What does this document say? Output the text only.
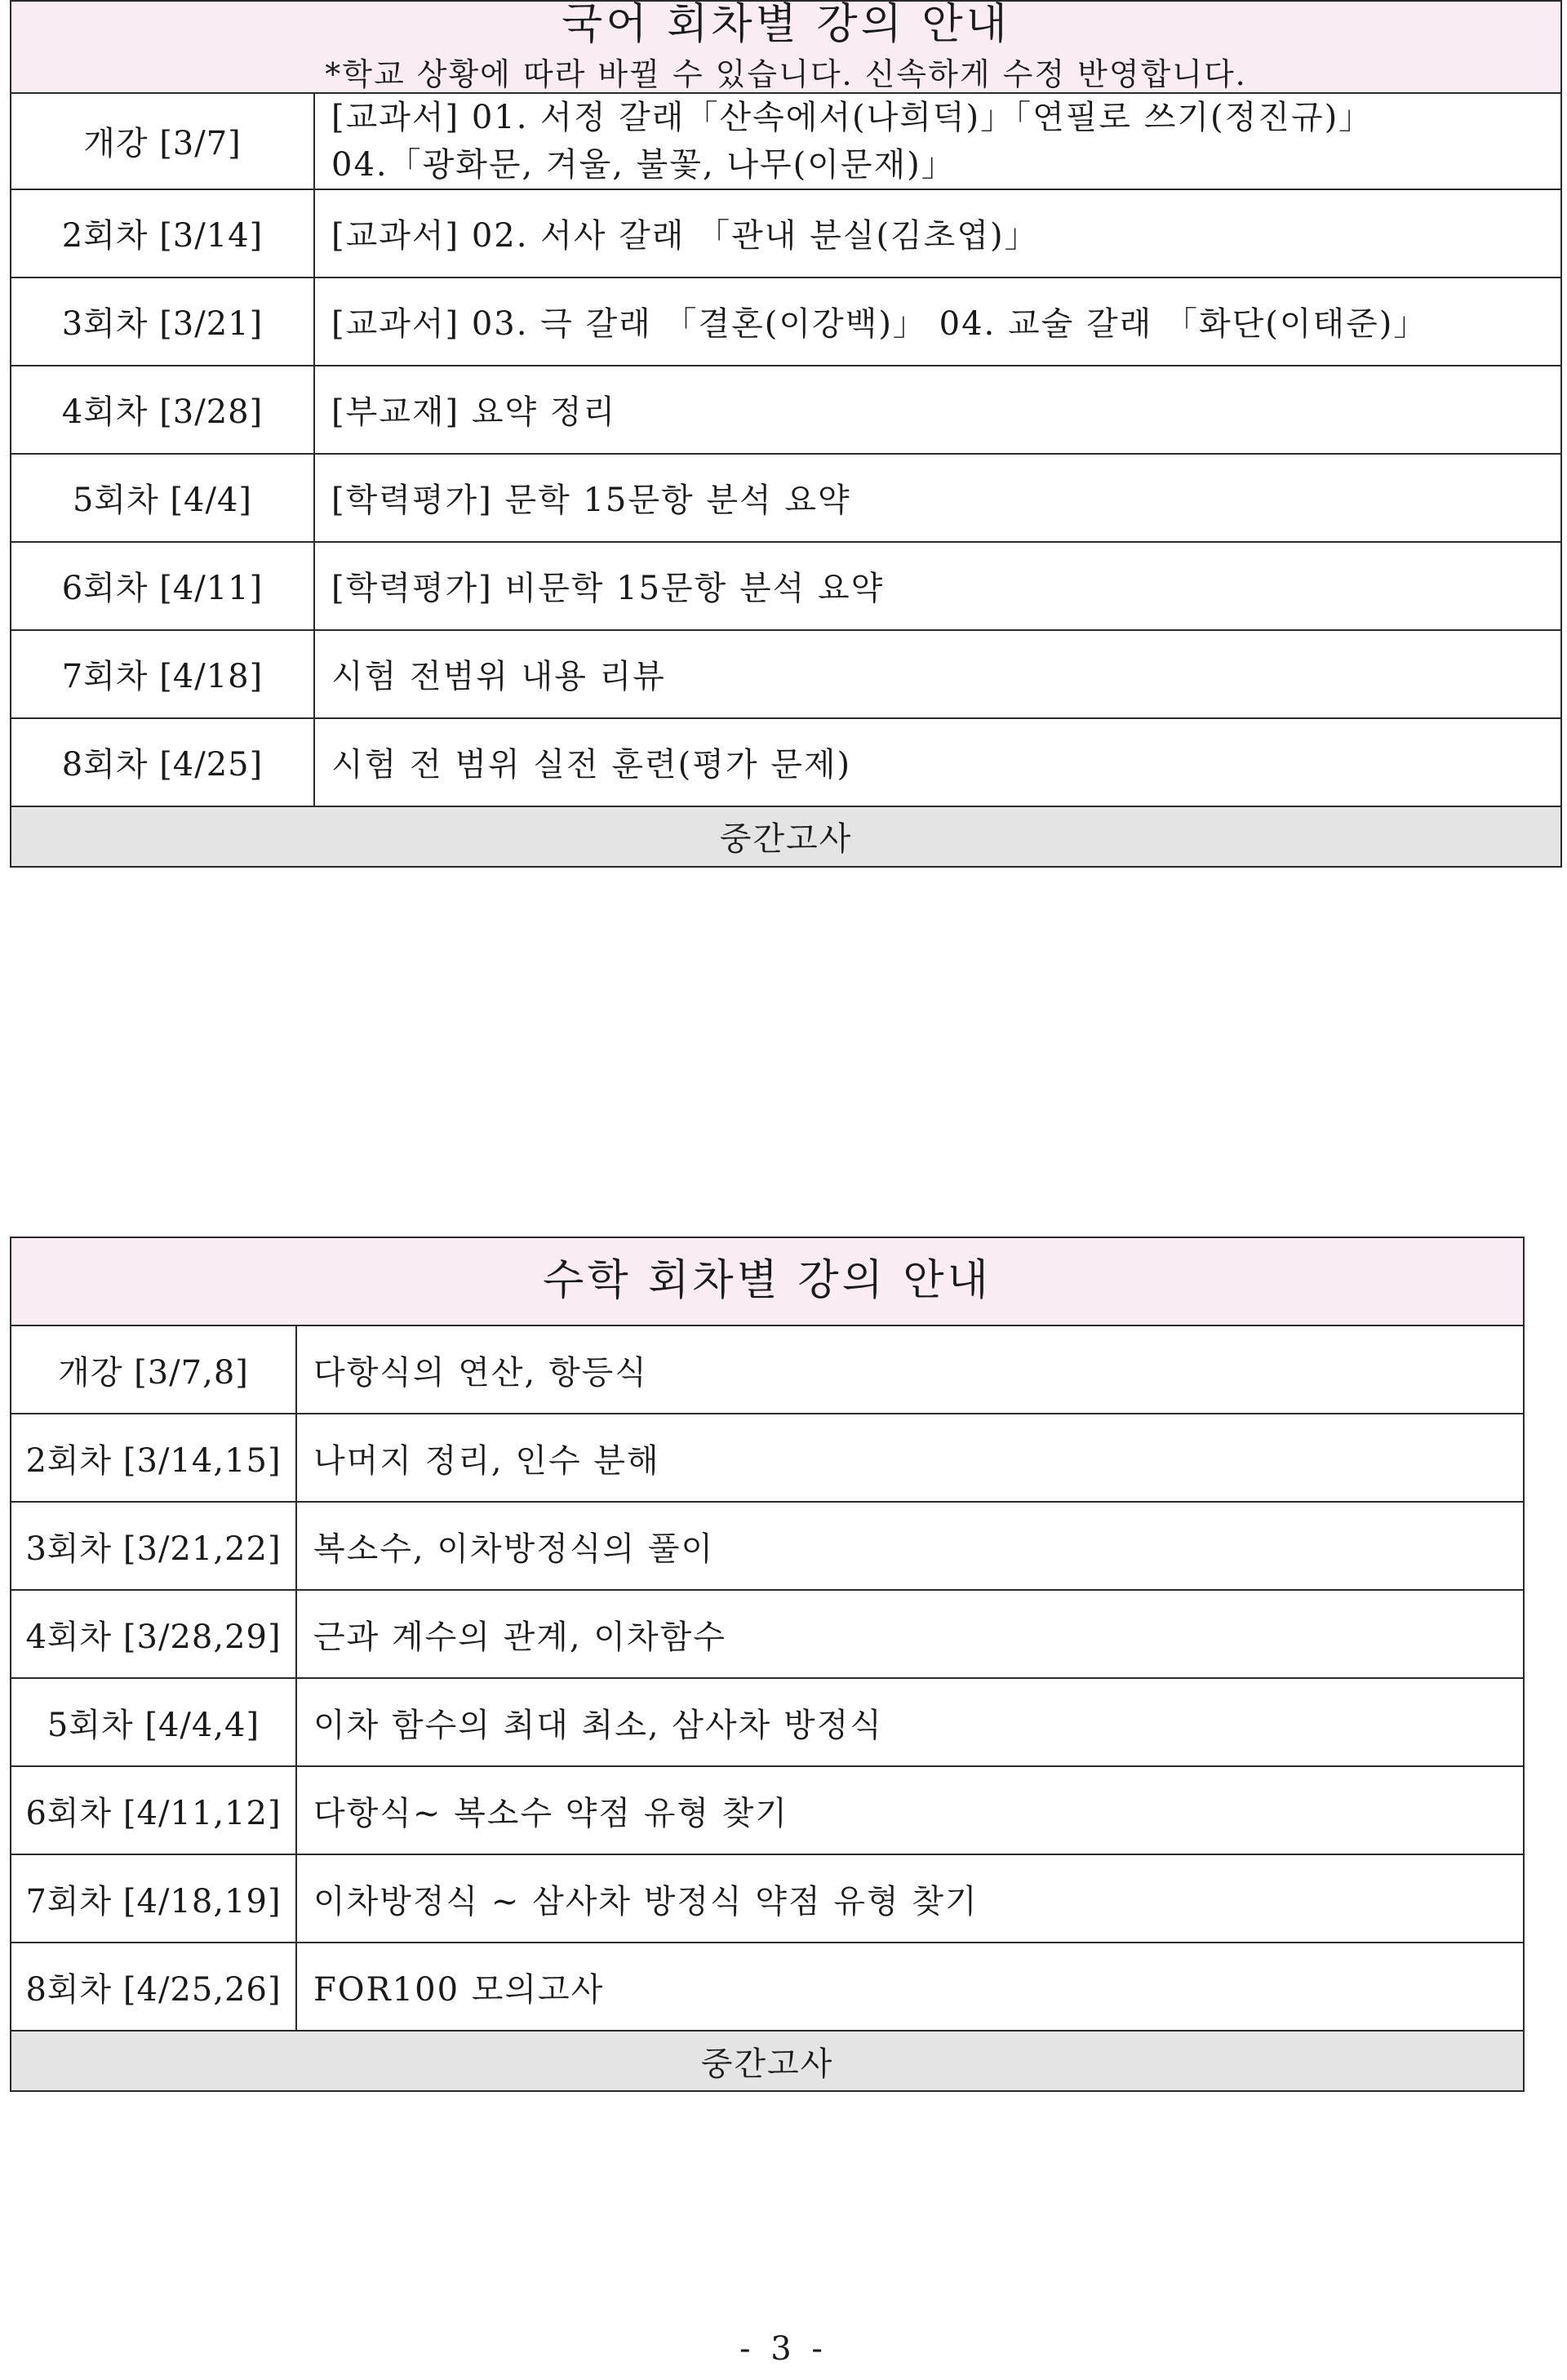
국어 회차별 강의 안내
*학교 상황에 따라 바뀔 수 있습니다. 신속하게 수정 반영합니다.	

개강 [3/7]	[교과서] 01. 서정 갈래「산속에서(나희덕)」「연필로 쓰기(정진규)」
04.「광화문, 겨울, 불꽃, 나무(이문재)」

2회차 [3/14]	[교과서] 02. 서사 갈래 「관내 분실(김초엽)」
3회차 [3/21]	[교과서] 03. 극 갈래 「결혼(이강백)」 04. 교술 갈래 「화단(이태준)」
4회차 [3/28]	[부교재] 요약 정리
5회차 [4/4]	[학력평가] 문학 15문항 분석 요약
6회차 [4/11]	[학력평가] 비문학 15문항 분석 요약
7회차 [4/18]	시험 전범위 내용 리뷰
8회차 [4/25]	시험 전 범위 실전 훈련(평가 문제)
중간고사	
수학 회차별 강의 안내	

개강 [3/7,8]	다항식의 연산, 항등식
2회차 [3/14,15]	나머지 정리, 인수 분해
3회차 [3/21,22]	복소수, 이차방정식의 풀이
4회차 [3/28,29]	근과 계수의 관계, 이차함수
5회차 [4/4,4]	이차 함수의 최대 최소, 삼사차 방정식
6회차 [4/11,12]	다항식~ 복소수 약점 유형 찾기
7회차 [4/18,19]	이차방정식 ~ 삼사차 방정식 약점 유형 찾기
8회차 [4/25,26]	FOR100 모의고사
중간고사	
- 3 -
